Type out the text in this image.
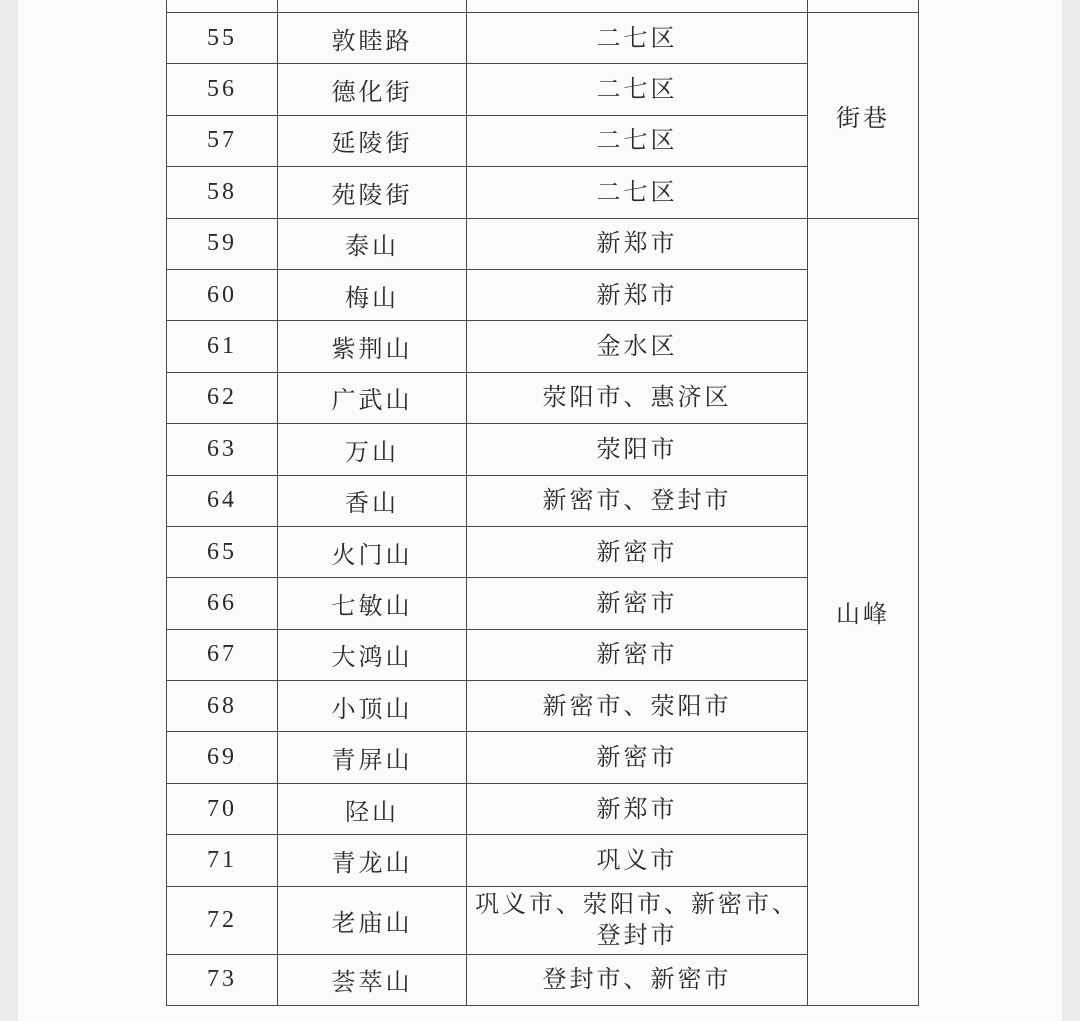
55	敦睦路	二七区	街巷
56	德化街	二七区	
57	延陵街	二七区	
58	苑陵街	二七区	
59	泰山	新郑市	山峰
60	梅山	新郑市	
61	紫荆山	金水区	
62	广武山	荥阳市、惠济区	
63	万山	荥阳市	
64	香山	新密市、登封市	
65	火门山	新密市	
66	七敏山	新密市	
67	大鸿山	新密市	
68	小顶山	新密市、荥阳市	
69	青屏山	新密市	
70	陉山	新郑市	
71	青龙山	巩义市	
72	老庙山	巩义市、荥阳市、新密市、
登封市	

73	荟萃山	登封市、新密市	
